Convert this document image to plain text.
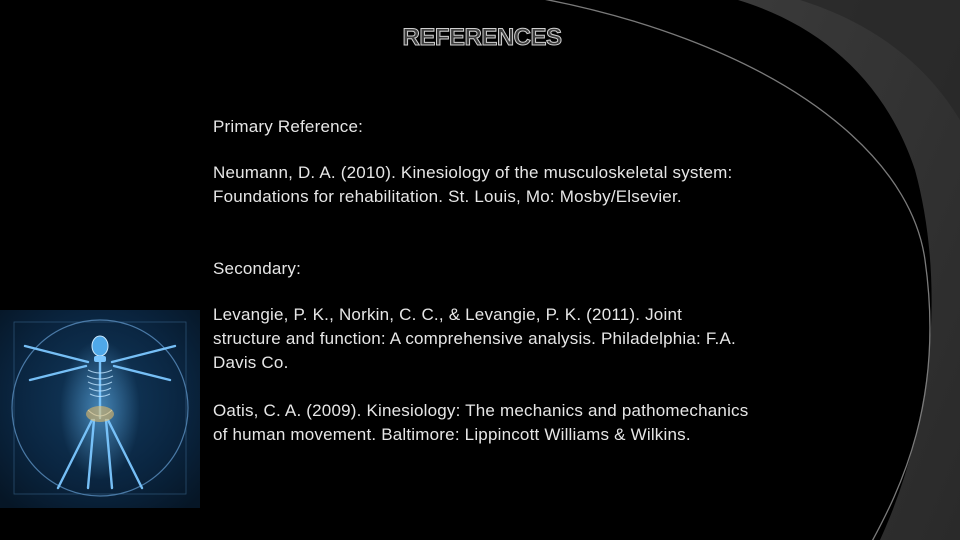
REFERENCES

Primary Reference:

Neumann, D. A. (2010). Kinesiology of the musculoskeletal system:
Foundations for rehabilitation. St. Louis, Mo: Mosby/Elsevier.

Secondary:

Levangie, P. K., Norkin, C. C., & Levangie, P. K. (2011). Joint
structure and function: A comprehensive analysis. Philadelphia: F.A.
Davis Co.

Oatis, C. A. (2009). Kinesiology: The mechanics and pathomechanics
of human movement. Baltimore: Lippincott Williams & Wilkins.
